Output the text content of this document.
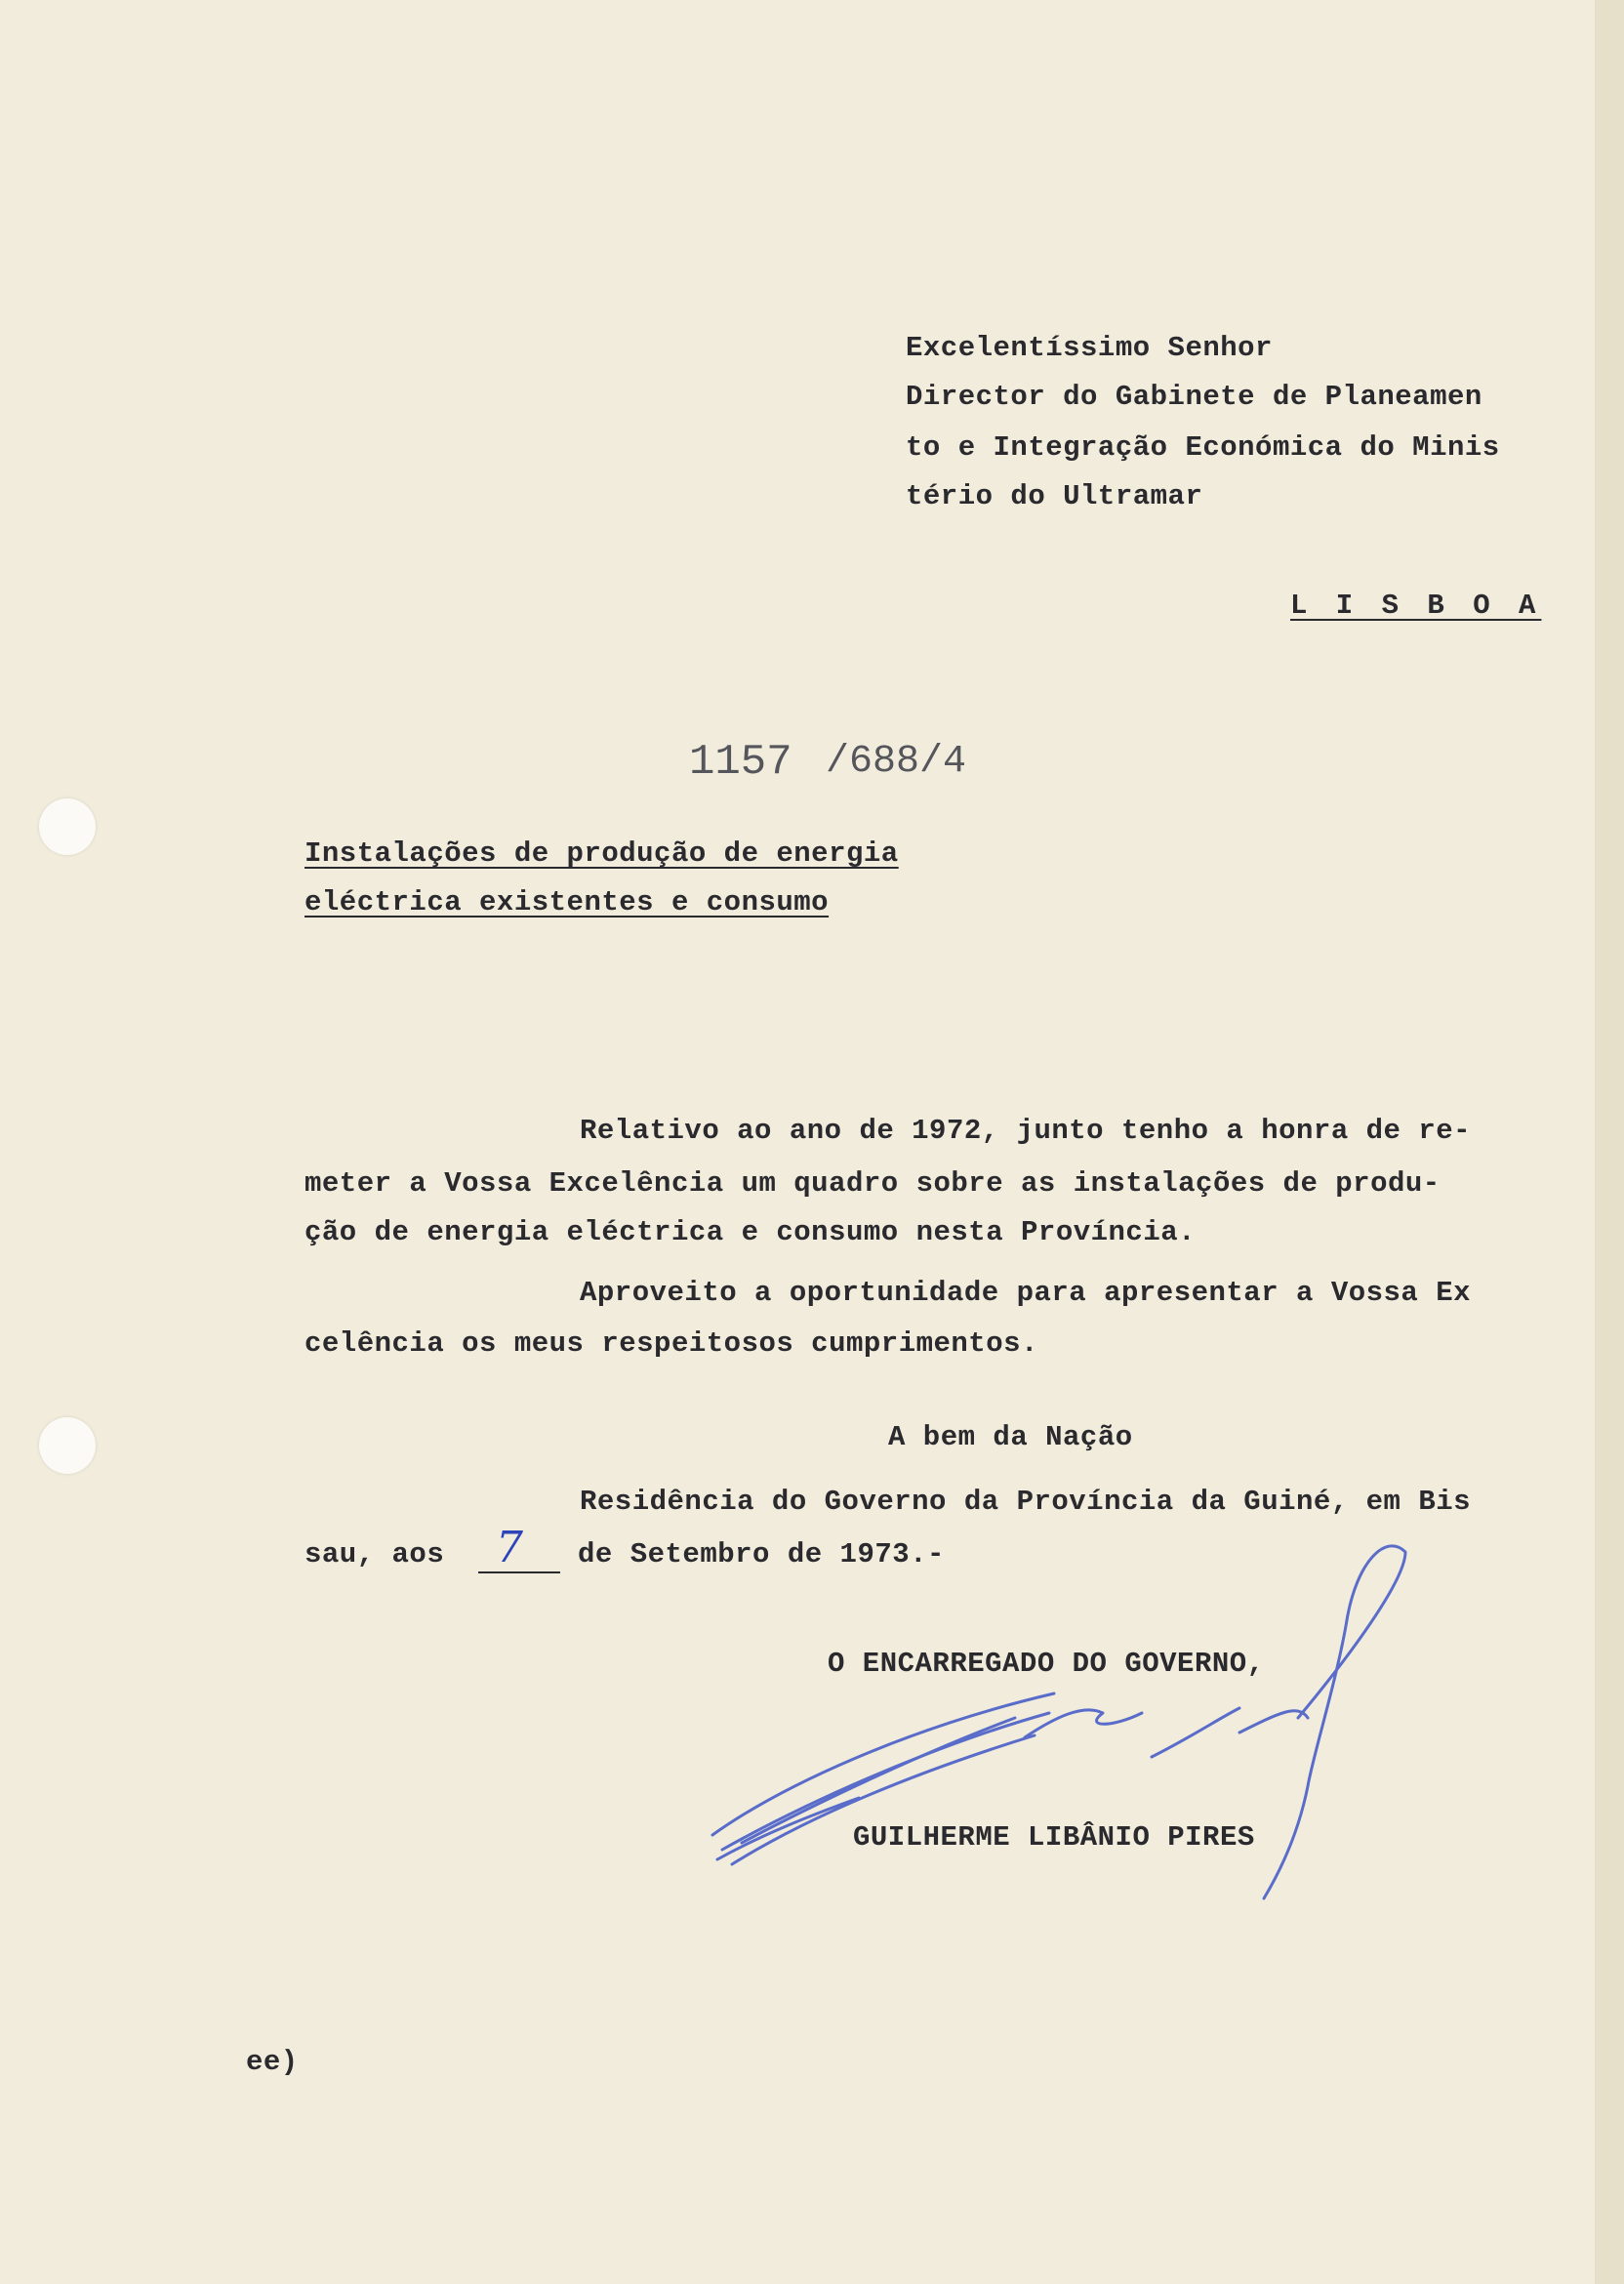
Excelentíssimo Senhor
Director do Gabinete de Planeamen
to e Integração Económica do Minis
tério do Ultramar
L I S B O A
1157 /688/4
Instalações de produção de energia
eléctrica existentes e consumo
Relativo ao ano de 1972, junto tenho a honra de re-
meter a Vossa Excelência um quadro sobre as instalações de produ-
ção de energia eléctrica e consumo nesta Província.
Aproveito a oportunidade para apresentar a Vossa Ex
celência os meus respeitosos cumprimentos.
A bem da Nação
Residência do Governo da Província da Guiné, em Bis
sau, aos 7 de Setembro de 1973.-
O ENCARREGADO DO GOVERNO,
GUILHERME LIBÂNIO PIRES
ee)
